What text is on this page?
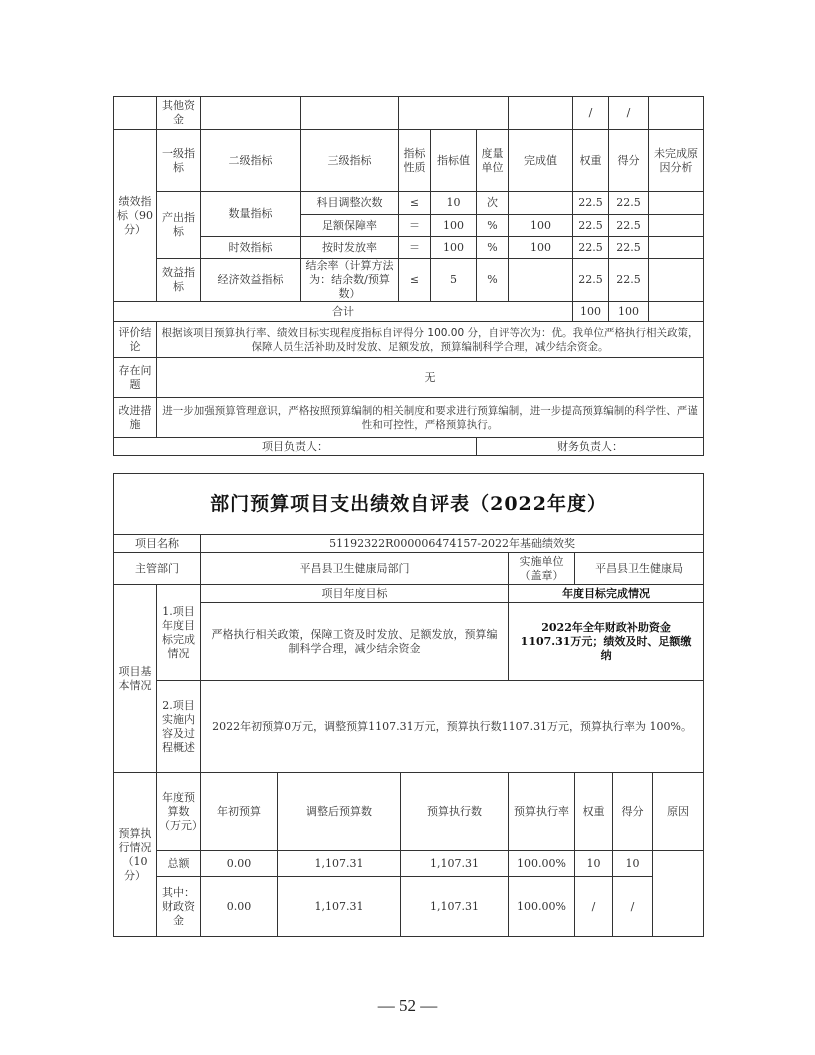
	其他资金							/	/	
绩效指标（90分）	一级指标	二级指标	三级指标	指标性质	指标值	度量单位	完成值	权重	得分	未完成原因分析
	产出指标	数量指标	科目调整次数	≤	10	次		22.5	22.5	
			足额保障率	＝	100	%	100	22.5	22.5	
		时效指标	按时发放率	＝	100	%	100	22.5	22.5	
	效益指标	经济效益指标	结余率（计算方法为：结余数/预算数）	≤	5	%		22.5	22.5	
合计								100	100	
评价结论	根据该项目预算执行率、绩效目标实现程度指标自评得分 100.00 分，自评等次为：优。我单位严格执行相关政策，保障人员生活补助及时发放、足额发放，预算编制科学合理，减少结余资金。									
存在问题	无									
改进措施	进一步加强预算管理意识，严格按照预算编制的相关制度和要求进行预算编制，进一步提高预算编制的科学性、严谨性和可控性，严格预算执行。									
项目负责人：						财务负责人：				
部门预算项目支出绩效自评表（2022年度）								
项目名称		51192322R000006474157-2022年基础绩效奖						
主管部门		平昌县卫生健康局部门			实施单位（盖章）	平昌县卫生健康局		
项目基本情况	1.项目年度目标完成情况	项目年度目标			年度目标完成情况			
		严格执行相关政策，保障工资及时发放、足额发放，预算编制科学合理，减少结余资金			2022年全年财政补助资金1107.31万元；绩效及时、足额缴纳			
	2.项目实施内容及过程概述	2022年初预算0万元，调整预算1107.31万元，预算执行数1107.31万元，预算执行率为 100%。						
预算执行情况（10分）	年度预算数（万元）	年初预算	调整后预算数	预算执行数	预算执行率	权重	得分	原因
	总额	0.00	1,107.31	1,107.31	100.00%	10	10	
	其中：财政资金	0.00	1,107.31	1,107.31	100.00%	/	/	
— 52 —
